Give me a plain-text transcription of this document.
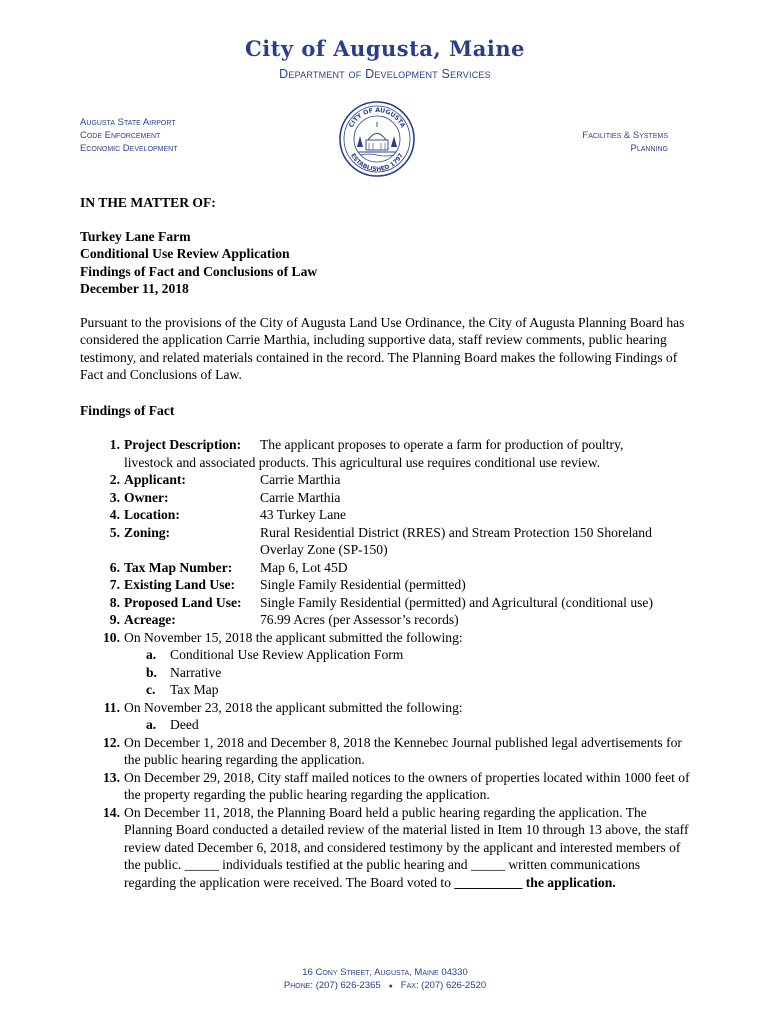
City of Augusta, Maine
Department of Development Services
Augusta State Airport
Code Enforcement
Economic Development
CITY OF AUGUSTA
ESTABLISHED 1797
Facilities & Systems
Planning
IN THE MATTER OF:

Turkey Lane Farm

Conditional Use Review Application

Findings of Fact and Conclusions of Law

December 11, 2018

Pursuant to the provisions of the City of Augusta Land Use Ordinance, the City of Augusta Planning Board has considered the application Carrie Marthia, including supportive data, staff review comments, public hearing testimony, and related materials contained in the record. The Planning Board makes the following Findings of Fact and Conclusions of Law.
Findings of Fact
1. Project Description:	The applicant proposes to operate a farm for production of poultry,
livestock and associated products. This agricultural use requires conditional use review.
2. Applicant:	Carrie Marthia
3. Owner:	Carrie Marthia
4. Location:	43 Turkey Lane
5. Zoning:	Rural Residential District (RRES) and Stream Protection 150 Shoreland Overlay Zone (SP-150)
6. Tax Map Number:	Map 6, Lot 45D
7. Existing Land Use:	Single Family Residential (permitted)
8. Proposed Land Use:	Single Family Residential (permitted) and Agricultural (conditional use)
9. Acreage:	76.99 Acres (per Assessor’s records)
10. On November 15, 2018 the applicant submitted the following:
a. Conditional Use Review Application Form
b. Narrative
c. Tax Map
11. On November 23, 2018 the applicant submitted the following:
a. Deed
12. On December 1, 2018 and December 8, 2018 the Kennebec Journal published legal advertisements for the public hearing regarding the application.
13. On December 29, 2018, City staff mailed notices to the owners of properties located within 1000 feet of the property regarding the public hearing regarding the application.
14. On December 11, 2018, the Planning Board held a public hearing regarding the application. The Planning Board conducted a detailed review of the material listed in Item 10 through 13 above, the staff review dated December 6, 2018, and considered testimony by the applicant and interested members of the public. _____ individuals testified at the public hearing and _____ written communications regarding the application were received. The Board voted to __________ the application.
16 Cony Street, Augusta, Maine 04330
Phone: (207) 626-2365 ● Fax: (207) 626-2520
